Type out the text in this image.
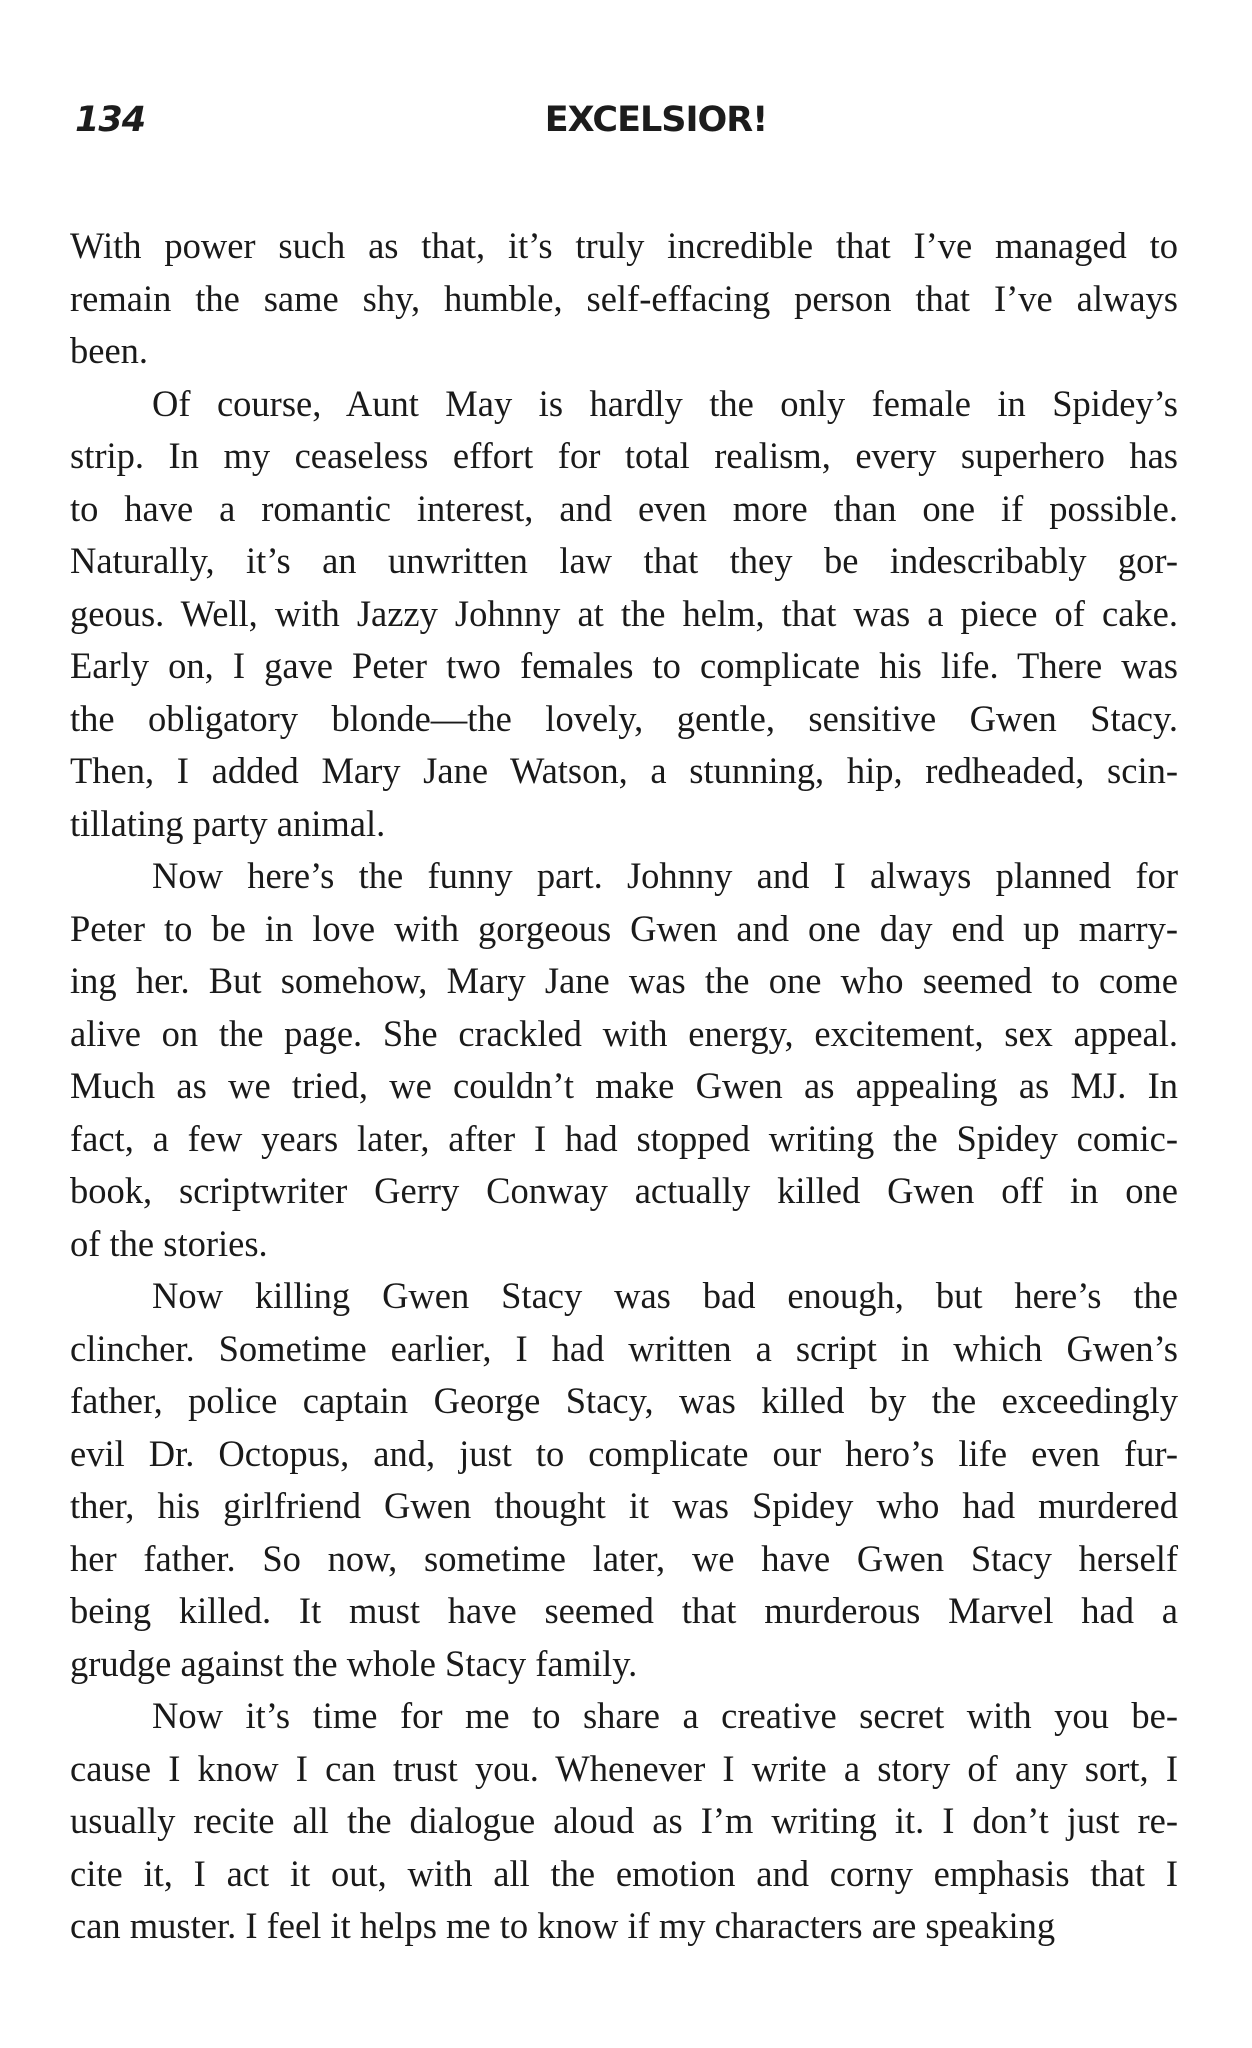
134	EXCELSIOR!

With power such as that, it’s truly incredible that I’ve managed to
remain the same shy, humble, self-effacing person that I’ve always
been.

Of course, Aunt May is hardly the only female in Spidey’s
strip. In my ceaseless effort for total realism, every superhero has
to have a romantic interest, and even more than one if possible.
Naturally, it’s an unwritten law that they be indescribably gor-
geous. Well, with Jazzy Johnny at the helm, that was a piece of cake.
Early on, I gave Peter two females to complicate his life. There was
the obligatory blonde—the lovely, gentle, sensitive Gwen Stacy.
Then, I added Mary Jane Watson, a stunning, hip, redheaded, scin-
tillating party animal.

Now here’s the funny part. Johnny and I always planned for
Peter to be in love with gorgeous Gwen and one day end up marry-
ing her. But somehow, Mary Jane was the one who seemed to come
alive on the page. She crackled with energy, excitement, sex appeal.
Much as we tried, we couldn’t make Gwen as appealing as MJ. In
fact, a few years later, after I had stopped writing the Spidey comic-
book, scriptwriter Gerry Conway actually killed Gwen off in one
of the stories.

Now killing Gwen Stacy was bad enough, but here’s the
clincher. Sometime earlier, I had written a script in which Gwen’s
father, police captain George Stacy, was killed by the exceedingly
evil Dr. Octopus, and, just to complicate our hero’s life even fur-
ther, his girlfriend Gwen thought it was Spidey who had murdered
her father. So now, sometime later, we have Gwen Stacy herself
being killed. It must have seemed that murderous Marvel had a
grudge against the whole Stacy family.

Now it’s time for me to share a creative secret with you be-
cause I know I can trust you. Whenever I write a story of any sort, I
usually recite all the dialogue aloud as I’m writing it. I don’t just re-
cite it, I act it out, with all the emotion and corny emphasis that I
can muster. I feel it helps me to know if my characters are speaking
